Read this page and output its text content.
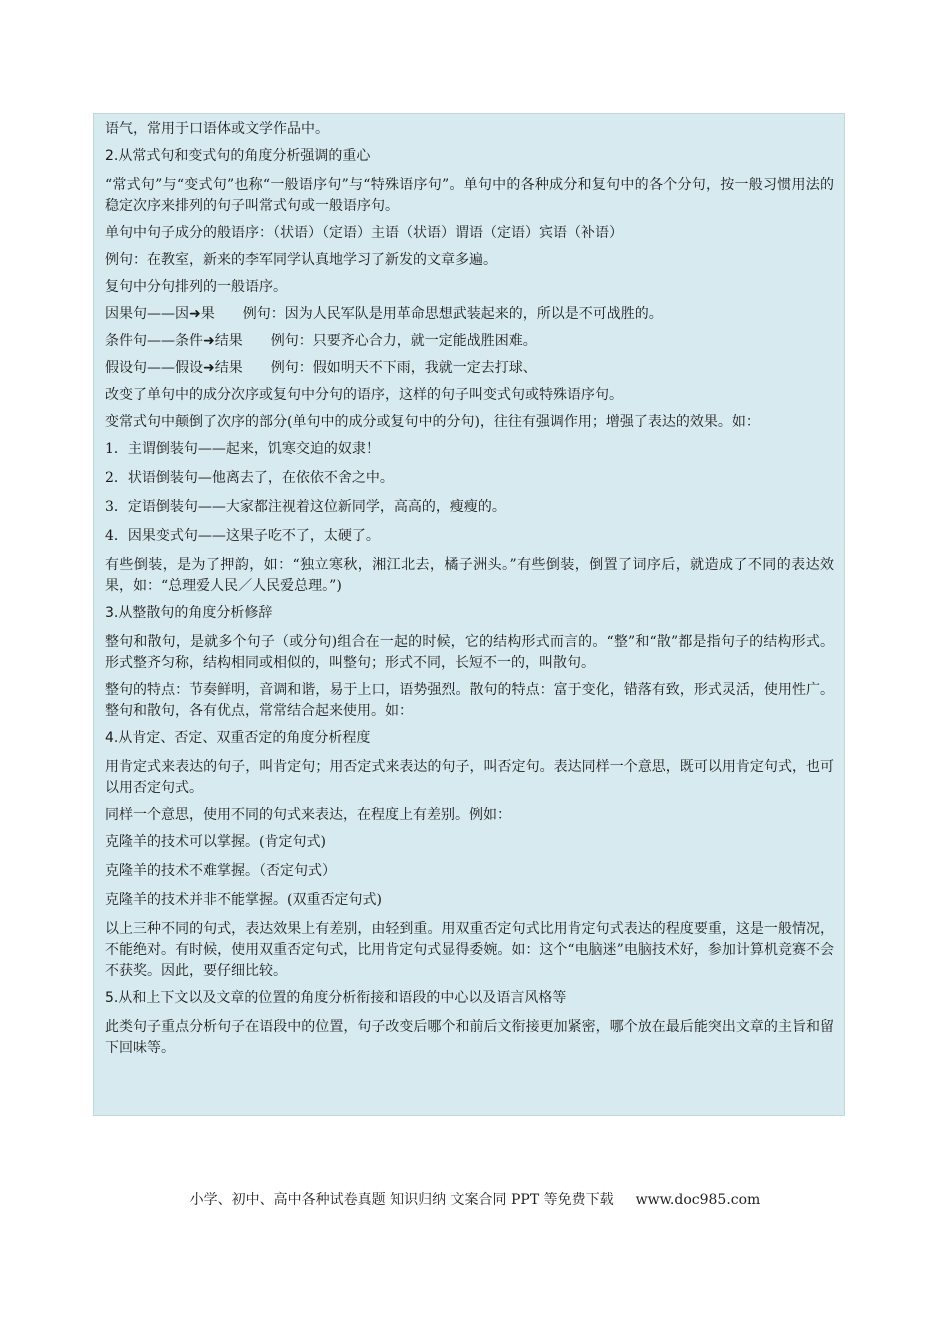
语气，常用于口语体或文学作品中。

2.从常式句和变式句的角度分析强调的重心

“常式句”与“变式句”也称“一般语序句”与“特殊语序句”。单句中的各种成分和复句中的各个分句，按一般习惯用法的稳定次序来排列的句子叫常式句或一般语序句。

单句中句子成分的般语序：（状语）（定语）主语（状语）谓语（定语）宾语（补语）

例句：在教室，新来的李军同学认真地学习了新发的文章多遍。

复句中分句排列的一般语序。

因果句——因➜果　　例句：因为人民军队是用革命思想武装起来的，所以是不可战胜的。

条件句——条件➜结果　　例句：只要齐心合力，就一定能战胜困难。

假设句——假设➜结果　　例句：假如明天不下雨，我就一定去打球、

改变了单句中的成分次序或复句中分句的语序，这样的句子叫变式句或特殊语序句。

变常式句中颠倒了次序的部分(单句中的成分或复句中的分句)，往往有强调作用；增强了表达的效果。如：

1．主谓倒装句——起来，饥寒交迫的奴隶！

2．状语倒装句—他离去了，在依依不舍之中。

3．定语倒装句——大家都注视着这位新同学，高高的，瘦瘦的。

4．因果变式句——这果子吃不了，太硬了。

有些倒装，是为了押韵，如：“独立寒秋，湘江北去，橘子洲头。”有些倒装，倒置了词序后，就造成了不同的表达效果，如：“总理爱人民／人民爱总理。”)

3.从整散句的角度分析修辞

整句和散句，是就多个句子（或分句)组合在一起的时候，它的结构形式而言的。“整”和“散”都是指句子的结构形式。形式整齐匀称，结构相同或相似的，叫整句；形式不同，长短不一的，叫散句。

整句的特点：节奏鲜明，音调和谐，易于上口，语势强烈。散句的特点：富于变化，错落有致，形式灵活，使用性广。整句和散句，各有优点，常常结合起来使用。如：

4.从肯定、否定、双重否定的角度分析程度

用肯定式来表达的句子，叫肯定句；用否定式来表达的句子，叫否定句。表达同样一个意思，既可以用肯定句式，也可以用否定句式。

同样一个意思，使用不同的句式来表达，在程度上有差别。例如：

克隆羊的技术可以掌握。(肯定句式)

克隆羊的技术不难掌握。（否定句式）

克隆羊的技术并非不能掌握。(双重否定句式)

以上三种不同的句式，表达效果上有差别，由轻到重。用双重否定句式比用肯定句式表达的程度要重，这是一般情况，不能绝对。有时候，使用双重否定句式，比用肯定句式显得委婉。如：这个“电脑迷”电脑技术好，参加计算机竞赛不会不获奖。因此，要仔细比较。

5.从和上下文以及文章的位置的角度分析衔接和语段的中心以及语言风格等

此类句子重点分析句子在语段中的位置，句子改变后哪个和前后文衔接更加紧密，哪个放在最后能突出文章的主旨和留下回味等。

小学、初中、高中各种试卷真题 知识归纳 文案合同 PPT 等免费下载 www.doc985.com
